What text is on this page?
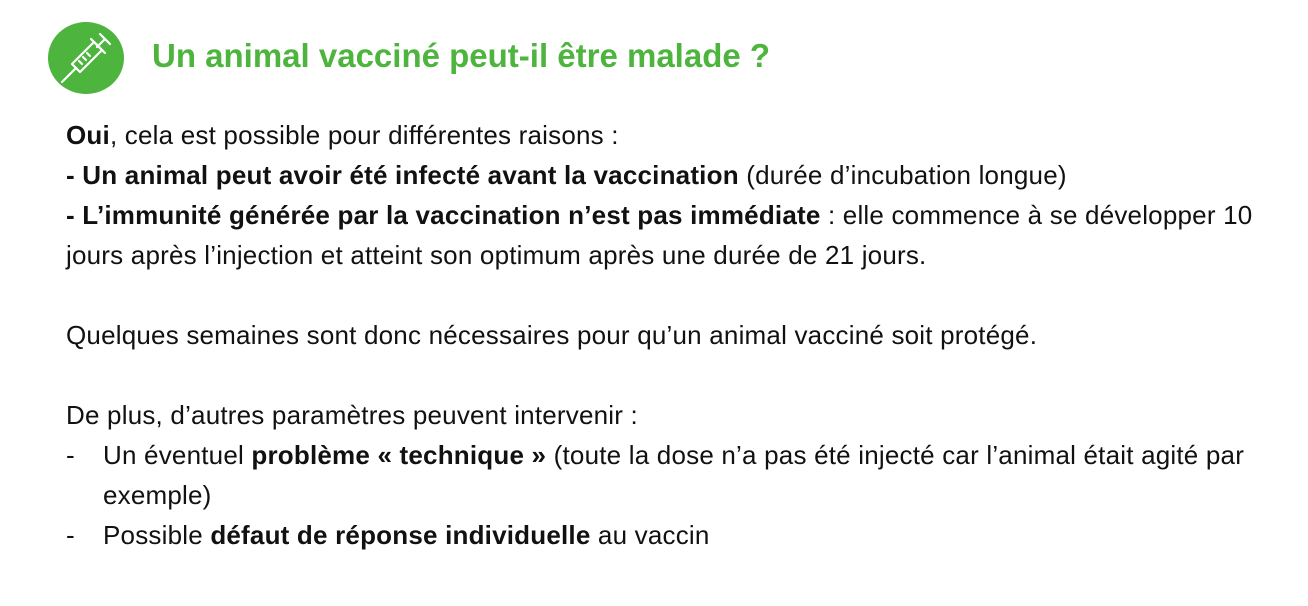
Un animal vacciné peut-il être malade ?

Oui, cela est possible pour différentes raisons :

- Un animal peut avoir été infecté avant la vaccination (durée d’incubation longue)

- L’immunité générée par la vaccination n’est pas immédiate : elle commence à se développer 10 jours après l’injection et atteint son optimum après une durée de 21 jours.

Quelques semaines sont donc nécessaires pour qu’un animal vacciné soit protégé.

De plus, d’autres paramètres peuvent intervenir :

- Un éventuel problème « technique » (toute la dose n’a pas été injecté car l’animal était agité par exemple)

- Possible défaut de réponse individuelle au vaccin
